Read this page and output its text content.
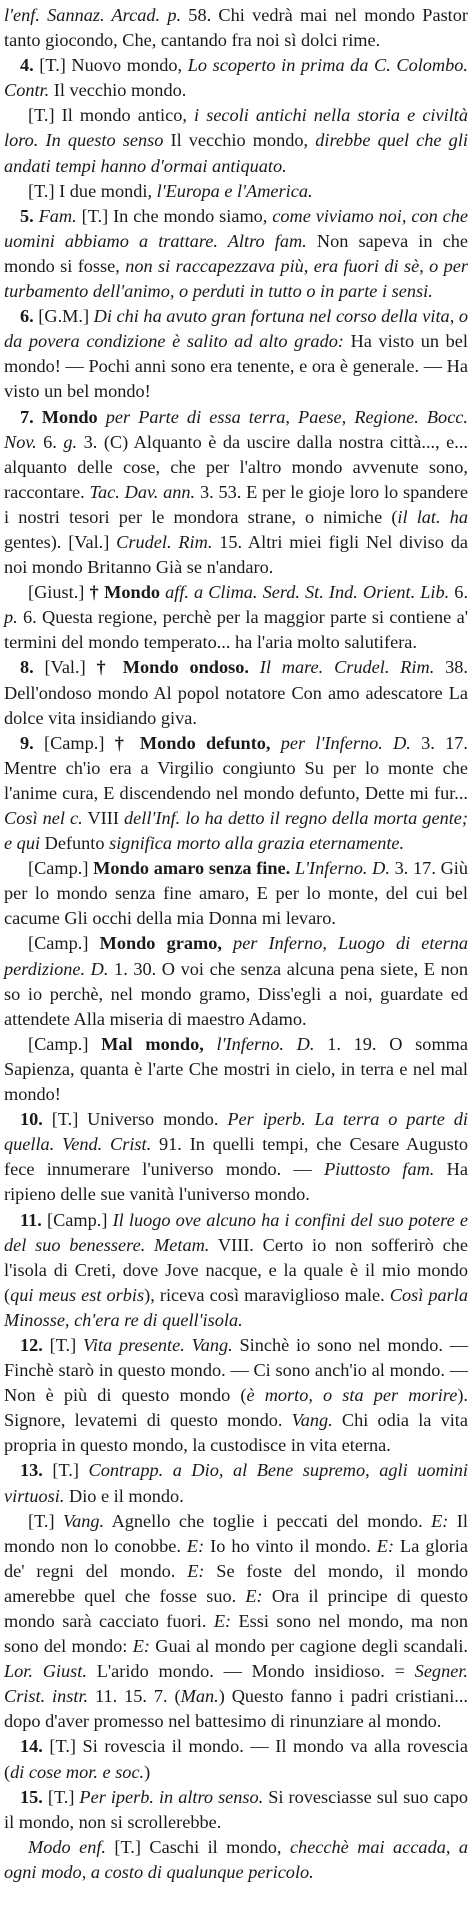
l'enf. Sannaz. Arcad. p. 58. Chi vedrà mai nel mondo Pastor tanto giocondo, Che, cantando fra noi sì dolci rime.

4. [T.] Nuovo mondo, Lo scoperto in prima da C. Colombo. Contr. Il vecchio mondo.

[T.] Il mondo antico, i secoli antichi nella storia e civiltà loro. In questo senso Il vecchio mondo, direbbe quel che gli andati tempi hanno d'ormai antiquato.

[T.] I due mondi, l'Europa e l'America.

5. Fam. [T.] In che mondo siamo, come viviamo noi, con che uomini abbiamo a trattare. Altro fam. Non sapeva in che mondo si fosse, non si raccapezzava più, era fuori di sè, o per turbamento dell'animo, o perduti in tutto o in parte i sensi.

6. [G.M.] Di chi ha avuto gran fortuna nel corso della vita, o da povera condizione è salito ad alto grado: Ha visto un bel mondo! — Pochi anni sono era tenente, e ora è generale. — Ha visto un bel mondo!

7. Mondo per Parte di essa terra, Paese, Regione. Bocc. Nov. 6. g. 3. (C) Alquanto è da uscire dalla nostra città..., e... alquanto delle cose, che per l'altro mondo avvenute sono, raccontare. Tac. Dav. ann. 3. 53. E per le gioje loro lo spandere i nostri tesori per le mondora strane, o nimiche (il lat. ha gentes). [Val.] Crudel. Rim. 15. Altri miei figli Nel diviso da noi mondo Britanno Già se n'andaro.

[Giust.] † Mondo aff. a Clima. Serd. St. Ind. Orient. Lib. 6. p. 6. Questa regione, perchè per la maggior parte si contiene a' termini del mondo temperato... ha l'aria molto salutifera.

8. [Val.] † Mondo ondoso. Il mare. Crudel. Rim. 38. Dell'ondoso mondo Al popol notatore Con amo adescatore La dolce vita insidiando giva.

9. [Camp.] † Mondo defunto, per l'Inferno. D. 3. 17. Mentre ch'io era a Virgilio congiunto Su per lo monte che l'anime cura, E discendendo nel mondo defunto, Dette mi fur... Così nel c. VIII dell'Inf. lo ha detto il regno della morta gente; e qui Defunto significa morto alla grazia eternamente.

[Camp.] Mondo amaro senza fine. L'Inferno. D. 3. 17. Giù per lo mondo senza fine amaro, E per lo monte, del cui bel cacume Gli occhi della mia Donna mi levaro.

[Camp.] Mondo gramo, per Inferno, Luogo di eterna perdizione. D. 1. 30. O voi che senza alcuna pena siete, E non so io perchè, nel mondo gramo, Diss'egli a noi, guardate ed attendete Alla miseria di maestro Adamo.

[Camp.] Mal mondo, l'Inferno. D. 1. 19. O somma Sapienza, quanta è l'arte Che mostri in cielo, in terra e nel mal mondo!

10. [T.] Universo mondo. Per iperb. La terra o parte di quella. Vend. Crist. 91. In quelli tempi, che Cesare Augusto fece innumerare l'universo mondo. — Piuttosto fam. Ha ripieno delle sue vanità l'universo mondo.

11. [Camp.] Il luogo ove alcuno ha i confini del suo potere e del suo benessere. Metam. VIII. Certo io non sofferirò che l'isola di Creti, dove Jove nacque, e la quale è il mio mondo (qui meus est orbis), riceva così maraviglioso male. Così parla Minosse, ch'era re di quell'isola.

12. [T.] Vita presente. Vang. Sinchè io sono nel mondo. — Finchè starò in questo mondo. — Ci sono anch'io al mondo. — Non è più di questo mondo (è morto, o sta per morire). Signore, levatemi di questo mondo. Vang. Chi odia la vita propria in questo mondo, la custodisce in vita eterna.

13. [T.] Contrapp. a Dio, al Bene supremo, agli uomini virtuosi. Dio e il mondo.

[T.] Vang. Agnello che toglie i peccati del mondo. E: Il mondo non lo conobbe. E: Io ho vinto il mondo. E: La gloria de' regni del mondo. E: Se foste del mondo, il mondo amerebbe quel che fosse suo. E: Ora il principe di questo mondo sarà cacciato fuori. E: Essi sono nel mondo, ma non sono del mondo: E: Guai al mondo per cagione degli scandali. Lor. Giust. L'arido mondo. — Mondo insidioso. = Segner. Crist. instr. 11. 15. 7. (Man.) Questo fanno i padri cristiani... dopo d'aver promesso nel battesimo di rinunziare al mondo.

14. [T.] Si rovescia il mondo. — Il mondo va alla rovescia (di cose mor. e soc.)

15. [T.] Per iperb. in altro senso. Si rovesciasse sul suo capo il mondo, non si scrollerebbe.

Modo enf. [T.] Caschi il mondo, checchè mai accada, a ogni modo, a costo di qualunque pericolo.
